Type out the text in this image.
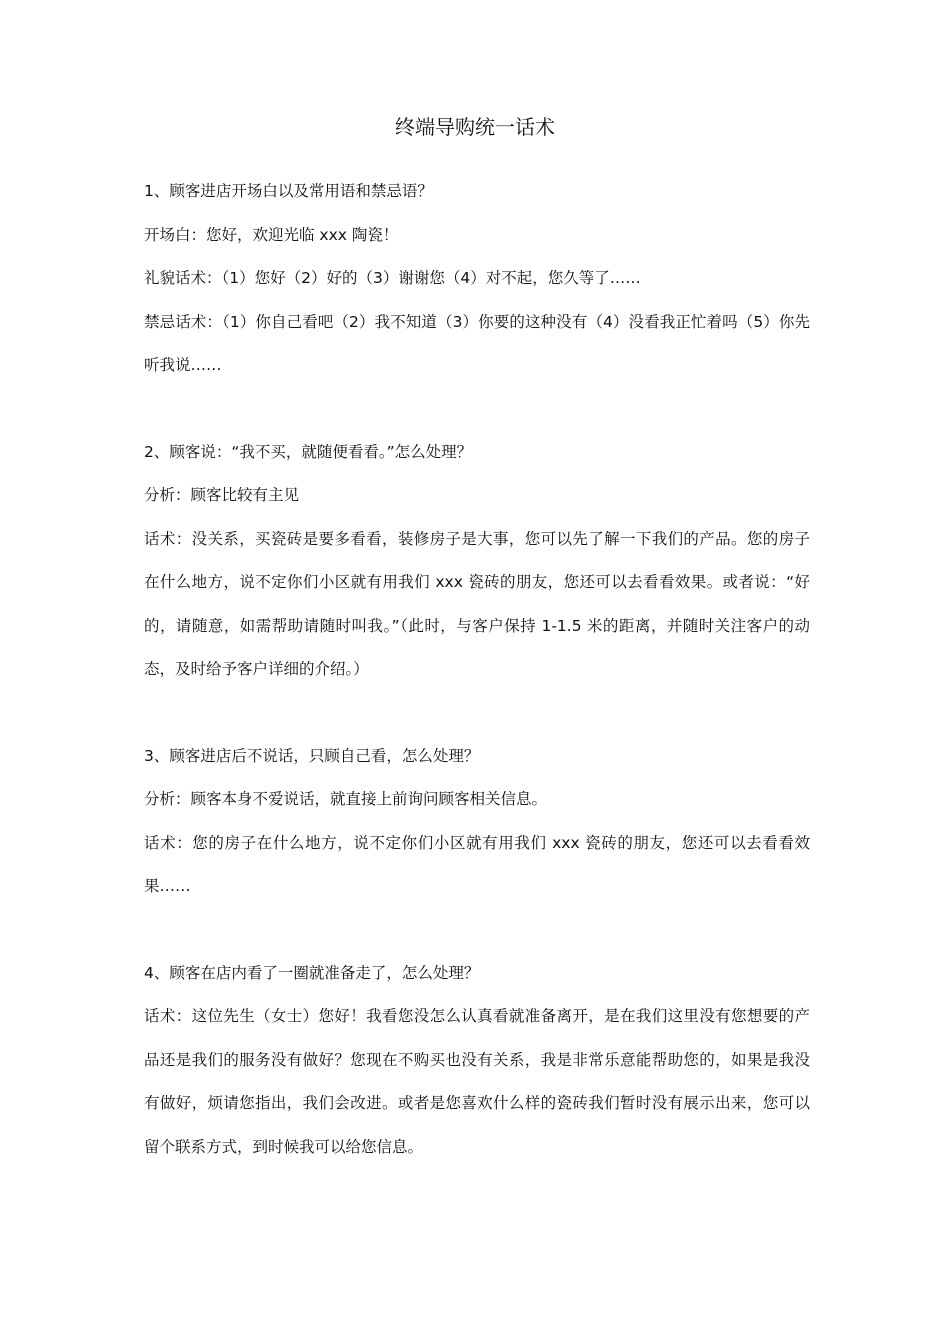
终端导购统一话术

1、顾客进店开场白以及常用语和禁忌语？

开场白：您好，欢迎光临 xxx 陶瓷！

礼貌话术：（1）您好（2）好的（3）谢谢您（4）对不起，您久等了……

禁忌话术：（1）你自己看吧（2）我不知道（3）你要的这种没有（4）没看我正忙着吗（5）你先听我说……

2、顾客说：“我不买，就随便看看。”怎么处理？

分析：顾客比较有主见

话术：没关系，买瓷砖是要多看看，装修房子是大事，您可以先了解一下我们的产品。您的房子在什么地方，说不定你们小区就有用我们 xxx 瓷砖的朋友，您还可以去看看效果。或者说：“好的，请随意，如需帮助请随时叫我。”（此时，与客户保持 1-1.5 米的距离，并随时关注客户的动态，及时给予客户详细的介绍。）

3、顾客进店后不说话，只顾自己看，怎么处理？

分析：顾客本身不爱说话，就直接上前询问顾客相关信息。

话术：您的房子在什么地方，说不定你们小区就有用我们 xxx 瓷砖的朋友，您还可以去看看效果……

4、顾客在店内看了一圈就准备走了，怎么处理？

话术：这位先生（女士）您好！我看您没怎么认真看就准备离开，是在我们这里没有您想要的产品还是我们的服务没有做好？您现在不购买也没有关系，我是非常乐意能帮助您的，如果是我没有做好，烦请您指出，我们会改进。或者是您喜欢什么样的瓷砖我们暂时没有展示出来，您可以留个联系方式，到时候我可以给您信息。
